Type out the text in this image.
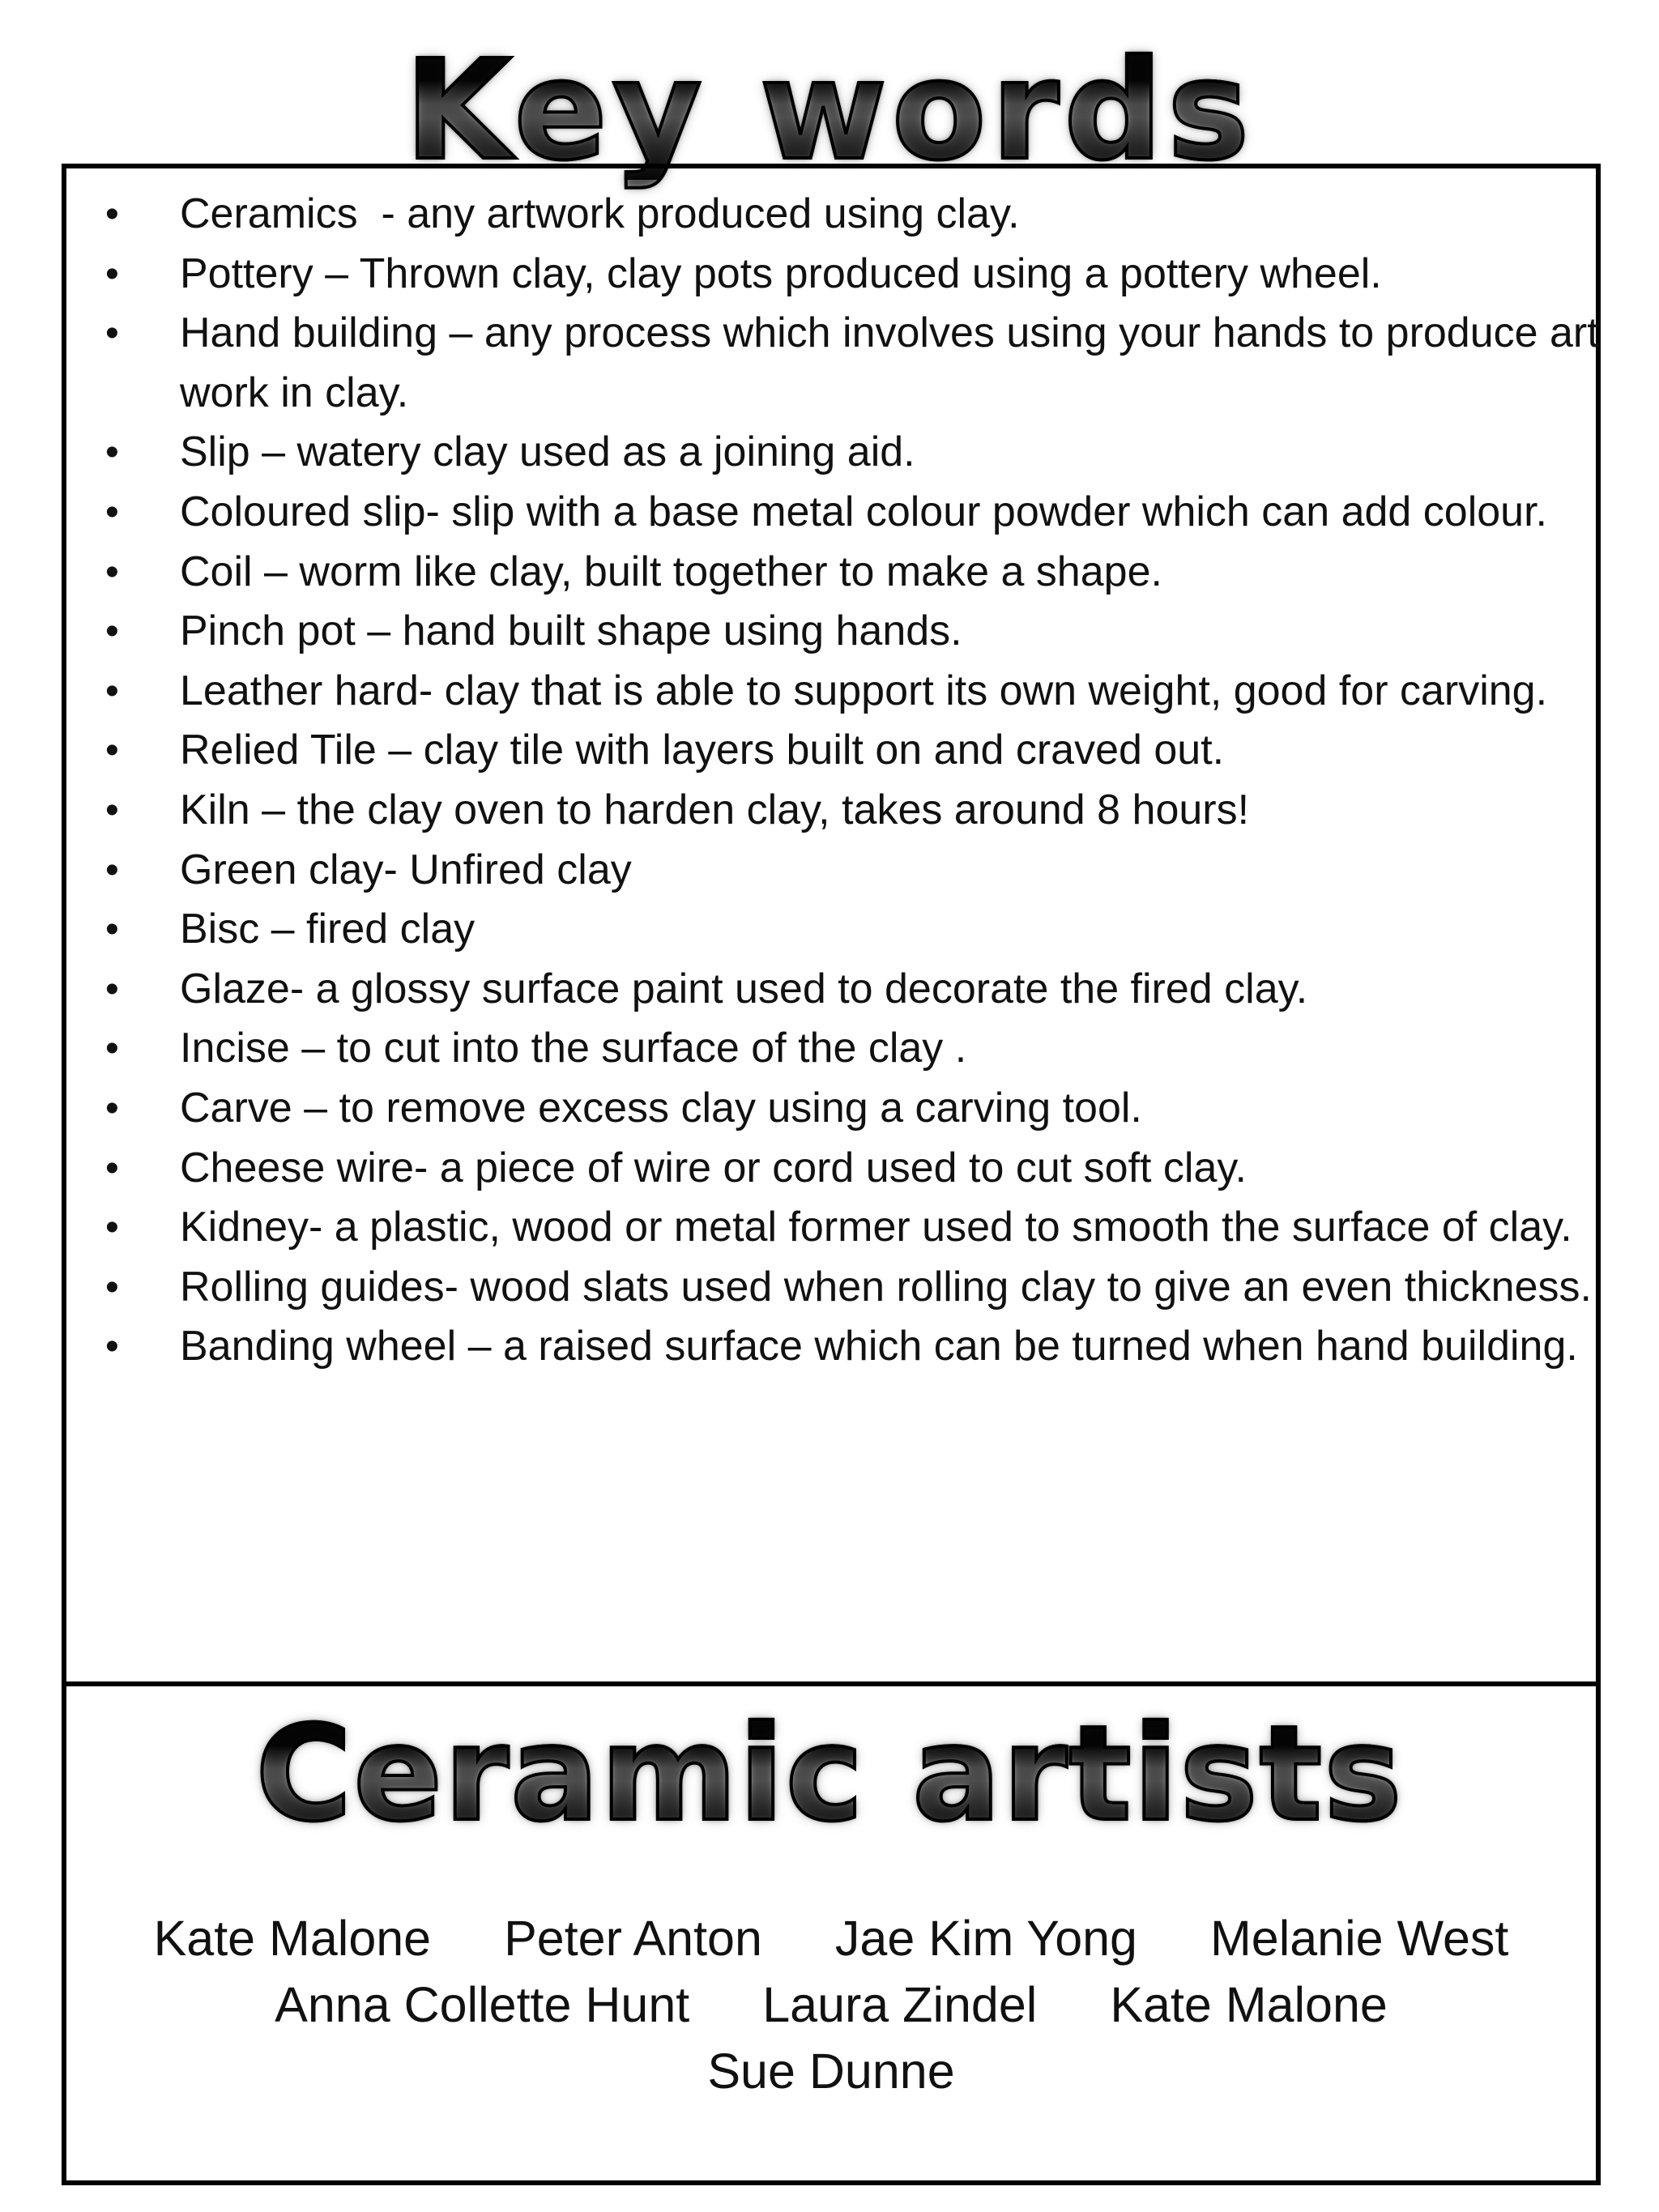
Key words
• Ceramics  - any artwork produced using clay.
• Pottery – Thrown clay, clay pots produced using a pottery wheel.
• Hand building – any process which involves using your hands to produce art work in clay.
• Slip – watery clay used as a joining aid.
• Coloured slip- slip with a base metal colour powder which can add colour.
• Coil – worm like clay, built together to make a shape.
• Pinch pot – hand built shape using hands.
• Leather hard- clay that is able to support its own weight, good for carving.
• Relied Tile – clay tile with layers built on and craved out.
• Kiln – the clay oven to harden clay, takes around 8 hours!
• Green clay- Unfired clay
• Bisc – fired clay
• Glaze- a glossy surface paint used to decorate the fired clay.
• Incise – to cut into the surface of the clay .
• Carve – to remove excess clay using a carving tool.
• Cheese wire- a piece of wire or cord used to cut soft clay.
• Kidney- a plastic, wood or metal former used to smooth the surface of clay.
• Rolling guides- wood slats used when rolling clay to give an even thickness.
• Banding wheel – a raised surface which can be turned when hand building.
Ceramic artists
Kate Malone Peter Anton Jae Kim Yong Melanie West
Anna Collette Hunt Laura Zindel Kate Malone
Sue Dunne
